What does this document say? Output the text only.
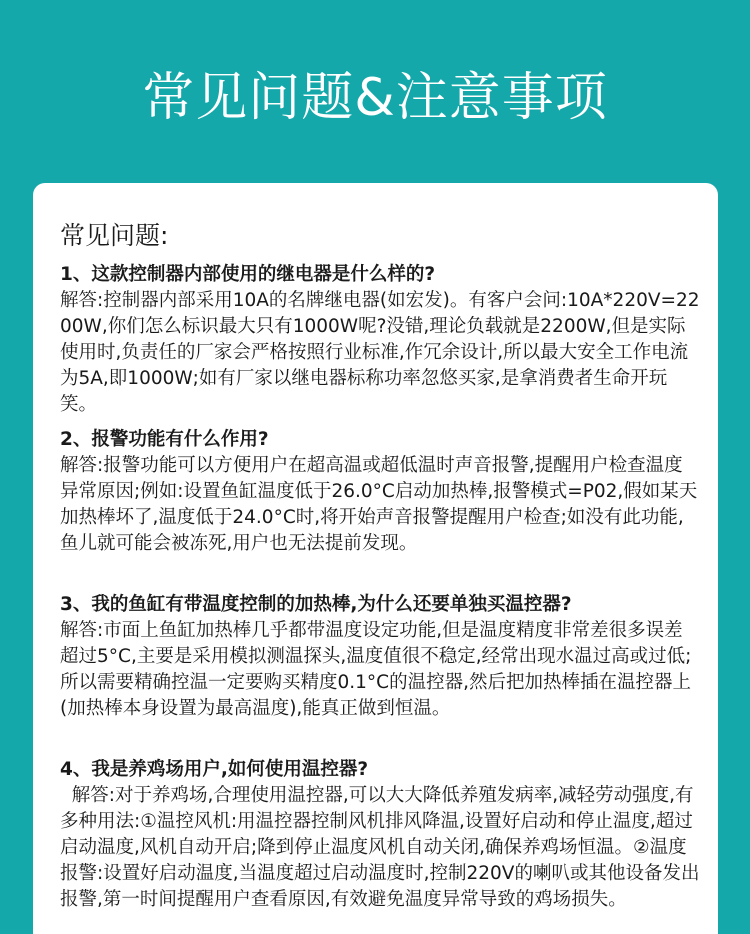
常见问题&注意事项
常见问题:
1、这款控制器内部使用的继电器是什么样的?
解答:控制器内部采用10A的名牌继电器(如宏发)。有客户会问:10A*220V=2200W,你们怎么标识最大只有1000W呢?没错,理论负载就是2200W,但是实际使用时,负责任的厂家会严格按照行业标准,作冗余设计,所以最大安全工作电流为5A,即1000W;如有厂家以继电器标称功率忽悠买家,是拿消费者生命开玩笑。
2、报警功能有什么作用?
解答:报警功能可以方便用户在超高温或超低温时声音报警,提醒用户检查温度异常原因;例如:设置鱼缸温度低于26.0°C启动加热棒,报警模式=P02,假如某天加热棒坏了,温度低于24.0°C时,将开始声音报警提醒用户检查;如没有此功能,鱼儿就可能会被冻死,用户也无法提前发现。
3、我的鱼缸有带温度控制的加热棒,为什么还要单独买温控器?
解答:市面上鱼缸加热棒几乎都带温度设定功能,但是温度精度非常差很多误差超过5°C,主要是采用模拟测温探头,温度值很不稳定,经常出现水温过高或过低;所以需要精确控温一定要购买精度0.1°C的温控器,然后把加热棒插在温控器上(加热棒本身设置为最高温度),能真正做到恒温。
4、我是养鸡场用户,如何使用温控器?
解答:对于养鸡场,合理使用温控器,可以大大降低养殖发病率,减轻劳动强度,有多种用法:①温控风机:用温控器控制风机排风降温,设置好启动和停止温度,超过启动温度,风机自动开启;降到停止温度风机自动关闭,确保养鸡场恒温。②温度报警:设置好启动温度,当温度超过启动温度时,控制220V的喇叭或其他设备发出报警,第一时间提醒用户查看原因,有效避免温度异常导致的鸡场损失。
